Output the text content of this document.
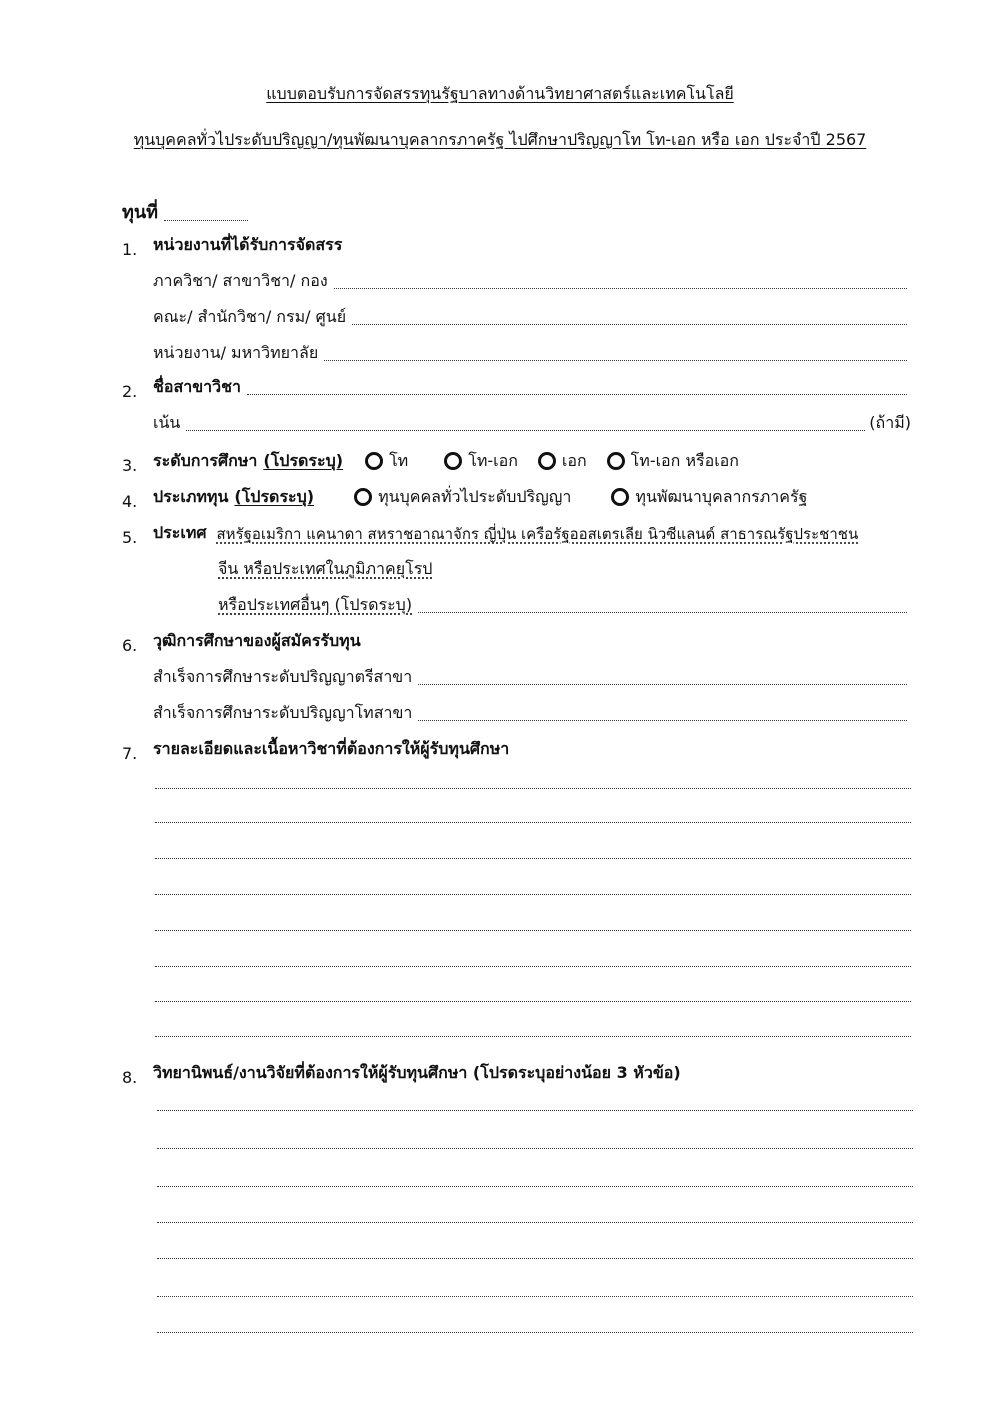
แบบตอบรับการจัดสรรทุนรัฐบาลทางด้านวิทยาศาสตร์และเทคโนโลยี
ทุนบุคคลทั่วไประดับปริญญา/ทุนพัฒนาบุคลากรภาครัฐ ไปศึกษาปริญญาโท โท-เอก หรือ เอก ประจำปี 2567
ทุนที่
1. หน่วยงานที่ได้รับการจัดสรร
ภาควิชา/ สาขาวิชา/ กอง
คณะ/ สำนักวิชา/ กรม/ ศูนย์
หน่วยงาน/ มหาวิทยาลัย
2. ชื่อสาขาวิชา
เน้น	(ถ้ามี)
3. ระดับการศึกษา (โปรดระบุ)	โท	โท-เอก	เอก	โท-เอก หรือเอก
4. ประเภททุน (โปรดระบุ)	ทุนบุคคลทั่วไประดับปริญญา	ทุนพัฒนาบุคลากรภาครัฐ
5. ประเทศ สหรัฐอเมริกา แคนาดา สหราชอาณาจักร ญี่ปุ่น เครือรัฐออสเตรเลีย นิวซีแลนด์ สาธารณรัฐประชาชน
จีน หรือประเทศในภูมิภาคยุโรป
หรือประเทศอื่นๆ (โปรดระบุ)
6. วุฒิการศึกษาของผู้สมัครรับทุน
สำเร็จการศึกษาระดับปริญญาตรีสาขา
สำเร็จการศึกษาระดับปริญญาโทสาขา
7. รายละเอียดและเนื้อหาวิชาที่ต้องการให้ผู้รับทุนศึกษา
8. วิทยานิพนธ์/งานวิจัยที่ต้องการให้ผู้รับทุนศึกษา (โปรดระบุอย่างน้อย 3 หัวข้อ)
